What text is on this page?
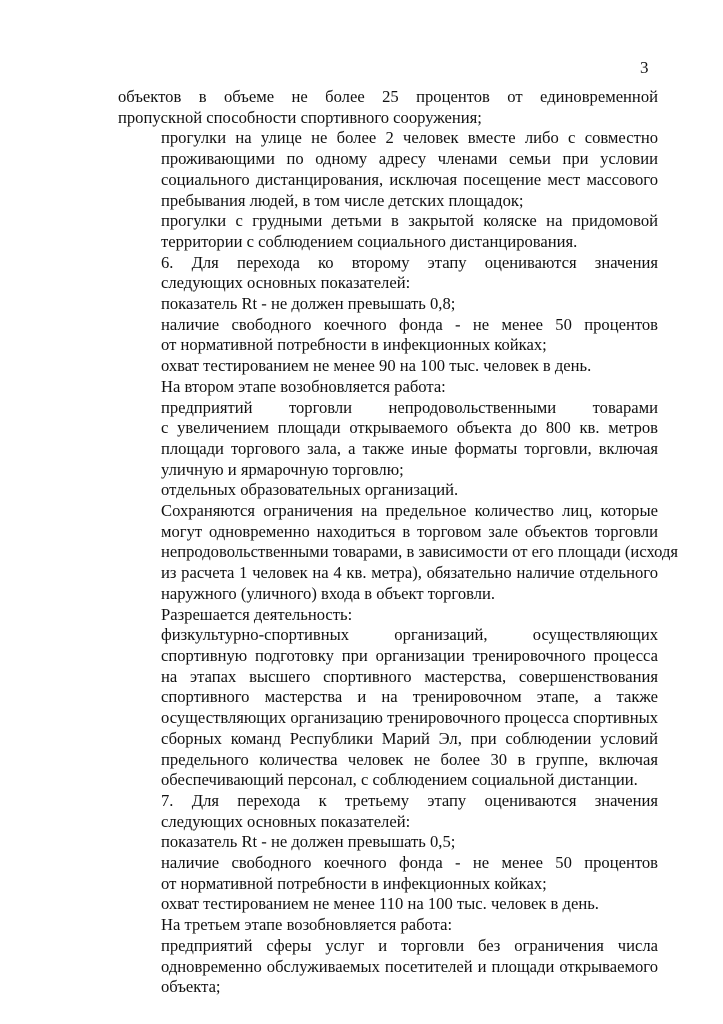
3

объектов в объеме не более 25 процентов от единовременной
пропускной способности спортивного сооружения;

прогулки на улице не более 2 человек вместе либо с совместно
проживающими по одному адресу членами семьи при условии
социального дистанцирования, исключая посещение мест массового
пребывания людей, в том числе детских площадок;

прогулки с грудными детьми в закрытой коляске на придомовой
территории с соблюдением социального дистанцирования.

6. Для перехода ко второму этапу оцениваются значения
следующих основных показателей:

показатель Rt - не должен превышать 0,8;

наличие свободного коечного фонда - не менее 50 процентов
от нормативной потребности в инфекционных койках;

охват тестированием не менее 90 на 100 тыс. человек в день.

На втором этапе возобновляется работа:

предприятий торговли непродовольственными товарами
с увеличением площади открываемого объекта до 800 кв. метров
площади торгового зала, а также иные форматы торговли, включая
уличную и ярмарочную торговлю;

отдельных образовательных организаций.

Сохраняются ограничения на предельное количество лиц, которые
могут одновременно находиться в торговом зале объектов торговли
непродовольственными товарами, в зависимости от его площади (исходя
из расчета 1 человек на 4 кв. метра), обязательно наличие отдельного
наружного (уличного) входа в объект торговли.

Разрешается деятельность:

физкультурно-спортивных организаций, осуществляющих
спортивную подготовку при организации тренировочного процесса
на этапах высшего спортивного мастерства, совершенствования
спортивного мастерства и на тренировочном этапе, а также
осуществляющих организацию тренировочного процесса спортивных
сборных команд Республики Марий Эл, при соблюдении условий
предельного количества человек не более 30 в группе, включая
обеспечивающий персонал, с соблюдением социальной дистанции.

7. Для перехода к третьему этапу оцениваются значения
следующих основных показателей:

показатель Rt - не должен превышать 0,5;

наличие свободного коечного фонда - не менее 50 процентов
от нормативной потребности в инфекционных койках;

охват тестированием не менее 110 на 100 тыс. человек в день.

На третьем этапе возобновляется работа:

предприятий сферы услуг и торговли без ограничения числа
одновременно обслуживаемых посетителей и площади открываемого
объекта;
